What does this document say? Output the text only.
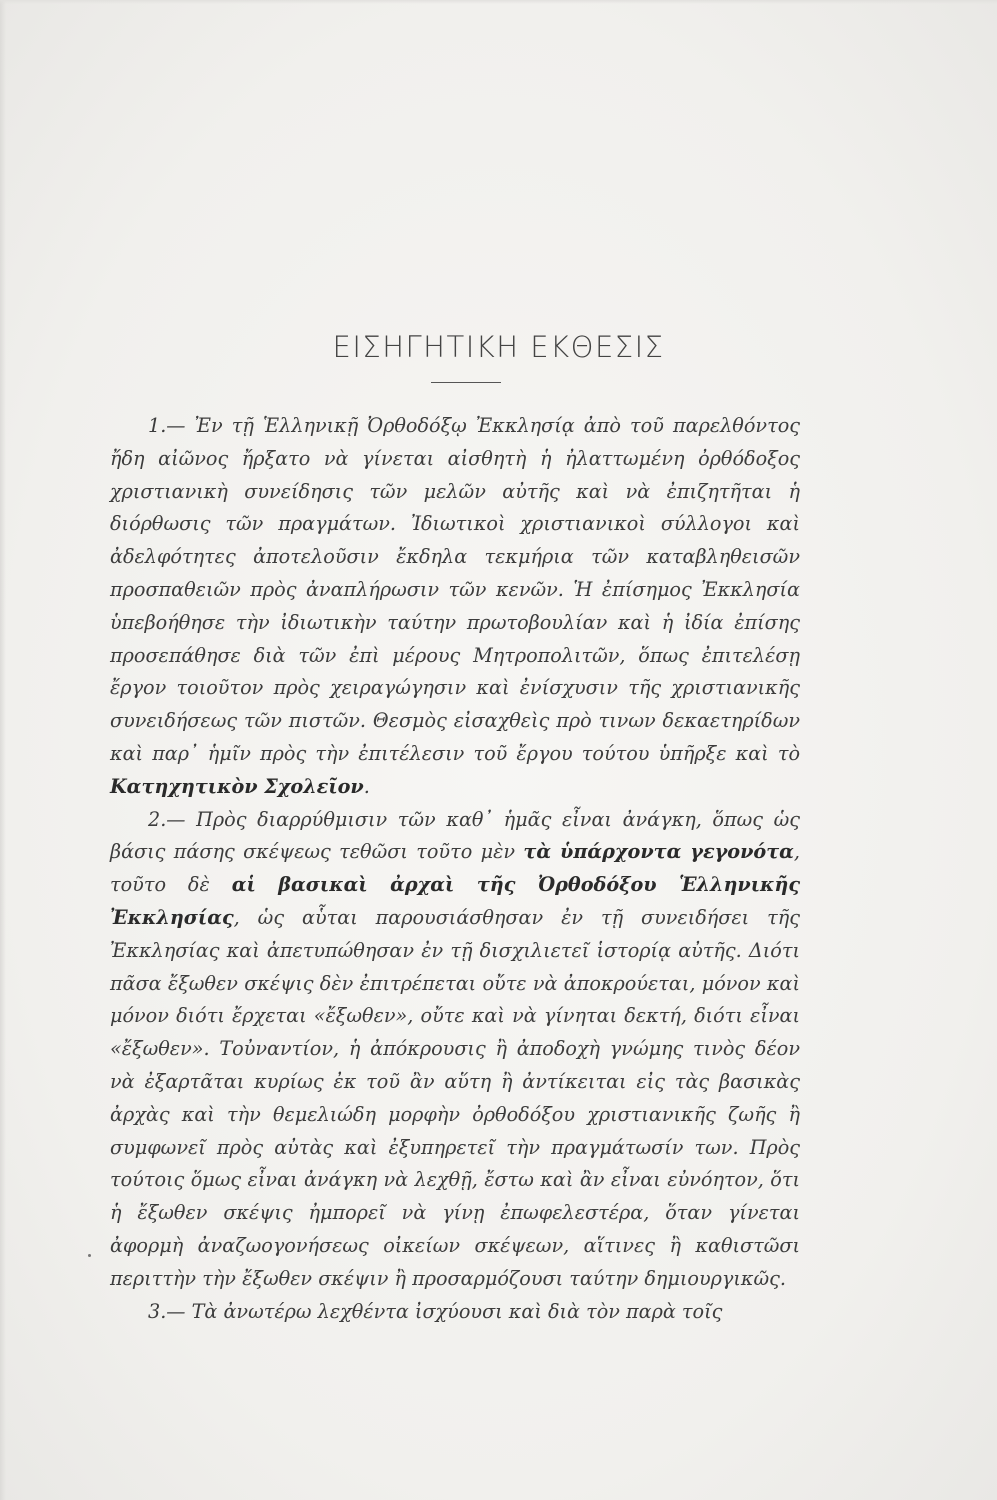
ΕΙΣΗΓΗΤΙΚΗ ΕΚΘΕΣΙΣ

1.— Ἐν τῇ Ἑλληνικῇ Ὀρθοδόξῳ Ἐκκλησίᾳ ἀπὸ τοῦ παρελθόντος ἤδη αἰῶνος ἤρξατο νὰ γίνεται αἰσθητὴ ἡ ἠλαττωμένη ὀρθόδοξος χριστιανικὴ συνείδησις τῶν μελῶν αὐτῆς καὶ νὰ ἐπιζητῆται ἡ διόρθωσις τῶν πραγμάτων. Ἰδιωτικοὶ χριστιανικοὶ σύλλογοι καὶ ἀδελφότητες ἀποτελοῦσιν ἔκδηλα τεκμήρια τῶν καταβληθεισῶν προσπαθειῶν πρὸς ἀναπλήρωσιν τῶν κενῶν. Ἡ ἐπίσημος Ἐκκλησία ὑπεβοήθησε τὴν ἰδιωτικὴν ταύτην πρωτοβουλίαν καὶ ἡ ἰδία ἐπίσης προσεπάθησε διὰ τῶν ἐπὶ μέρους Μητροπολιτῶν, ὅπως ἐπιτελέσῃ ἔργον τοιοῦτον πρὸς χειραγώγησιν καὶ ἐνίσχυσιν τῆς χριστιανικῆς συνειδήσεως τῶν πιστῶν. Θεσμὸς εἰσαχθεὶς πρὸ τινων δεκαετηρίδων καὶ παρ᾽ ἡμῖν πρὸς τὴν ἐπιτέλεσιν τοῦ ἔργου τούτου ὑπῆρξε καὶ τὸ Κατηχητικὸν Σχολεῖον.

2.— Πρὸς διαρρύθμισιν τῶν καθ᾽ ἡμᾶς εἶναι ἀνάγκη, ὅπως ὡς βάσις πάσης σκέψεως τεθῶσι τοῦτο μὲν τὰ ὑπάρχοντα γεγονότα, τοῦτο δὲ αἱ βασικαὶ ἀρχαὶ τῆς Ὀρθοδόξου Ἑλληνικῆς Ἐκκλησίας, ὡς αὗται παρουσιάσθησαν ἐν τῇ συνειδήσει τῆς Ἐκκλησίας καὶ ἀπετυπώθησαν ἐν τῇ δισχιλιετεῖ ἱστορίᾳ αὐτῆς. Διότι πᾶσα ἔξωθεν σκέψις δὲν ἐπιτρέπεται οὔτε νὰ ἀποκρούεται, μόνον καὶ μόνον διότι ἔρχεται «ἔξωθεν», οὔτε καὶ νὰ γίνηται δεκτή, διότι εἶναι «ἔξωθεν». Τοὐναντίον, ἡ ἀπόκρουσις ἢ ἀποδοχὴ γνώμης τινὸς δέον νὰ ἐξαρτᾶται κυρίως ἐκ τοῦ ἂν αὕτη ἢ ἀντίκειται εἰς τὰς βασικὰς ἀρχὰς καὶ τὴν θεμελιώδη μορφὴν ὀρθοδόξου χριστιανικῆς ζωῆς ἢ συμφωνεῖ πρὸς αὐτὰς καὶ ἐξυπηρετεῖ τὴν πραγμάτωσίν των. Πρὸς τούτοις ὅμως εἶναι ἀνάγκη νὰ λεχθῇ, ἔστω καὶ ἂν εἶναι εὐνόητον, ὅτι ἡ ἔξωθεν σκέψις ἠμπορεῖ νὰ γίνῃ ἐπωφελεστέρα, ὅταν γίνεται ἀφορμὴ ἀναζωογονήσεως οἰκείων σκέψεων, αἵτινες ἢ καθιστῶσι περιττὴν τὴν ἔξωθεν σκέψιν ἢ προσαρμόζουσι ταύτην δημιουργικῶς.

3.— Τὰ ἀνωτέρω λεχθέντα ἰσχύουσι καὶ διὰ τὸν παρὰ τοῖς
